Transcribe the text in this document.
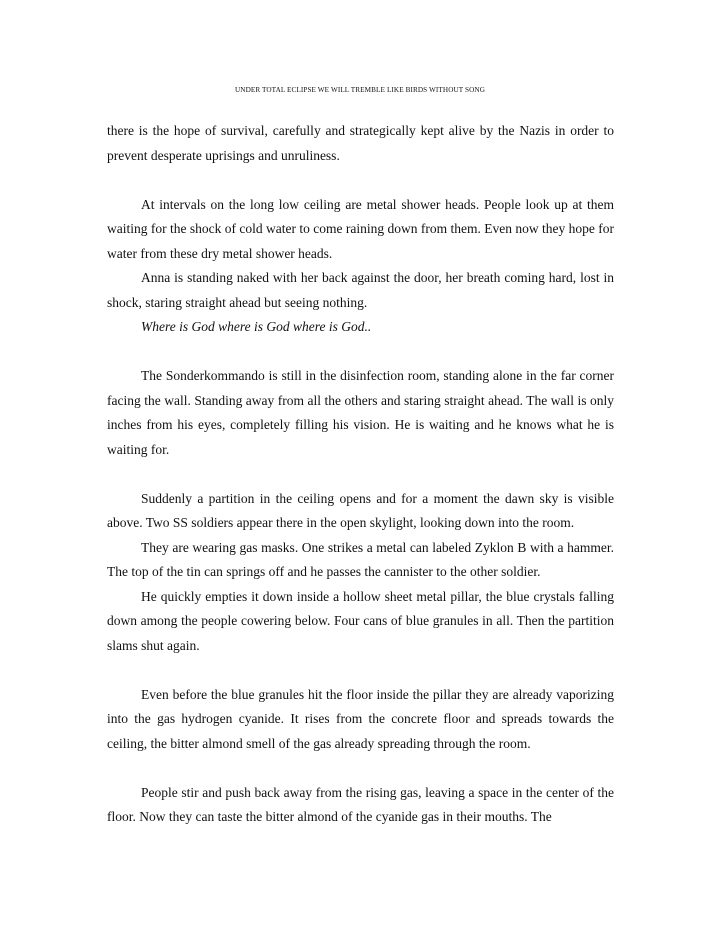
UNDER TOTAL ECLIPSE WE WILL TREMBLE LIKE BIRDS WITHOUT SONG

there is the hope of survival, carefully and strategically kept alive by the Nazis in order to prevent desperate uprisings and unruliness.

At intervals on the long low ceiling are metal shower heads. People look up at them waiting for the shock of cold water to come raining down from them. Even now they hope for water from these dry metal shower heads.

Anna is standing naked with her back against the door, her breath coming hard, lost in shock, staring straight ahead but seeing nothing.

Where is God where is God where is God..

The Sonderkommando is still in the disinfection room, standing alone in the far corner facing the wall. Standing away from all the others and staring straight ahead. The wall is only inches from his eyes, completely filling his vision. He is waiting and he knows what he is waiting for.

Suddenly a partition in the ceiling opens and for a moment the dawn sky is visible above. Two SS soldiers appear there in the open skylight, looking down into the room.

They are wearing gas masks. One strikes a metal can labeled Zyklon B with a hammer. The top of the tin can springs off and he passes the cannister to the other soldier.

He quickly empties it down inside a hollow sheet metal pillar, the blue crystals falling down among the people cowering below. Four cans of blue granules in all. Then the partition slams shut again.

Even before the blue granules hit the floor inside the pillar they are already vaporizing into the gas hydrogen cyanide. It rises from the concrete floor and spreads towards the ceiling, the bitter almond smell of the gas already spreading through the room.

People stir and push back away from the rising gas, leaving a space in the center of the floor. Now they can taste the bitter almond of the cyanide gas in their mouths. The
